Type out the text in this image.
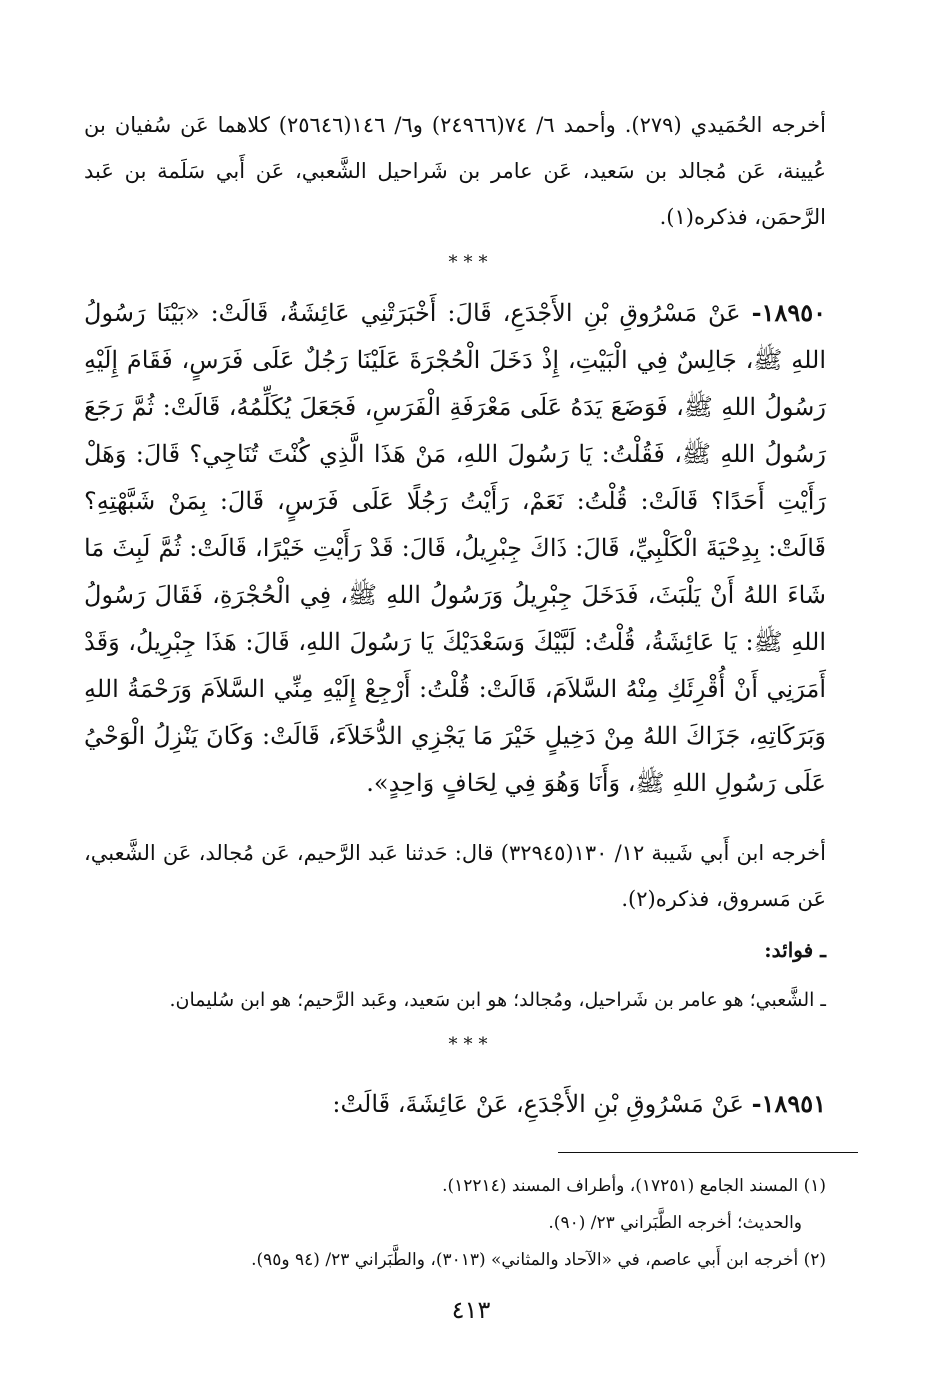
أخرجه الحُمَيدي (٢٧٩). وأحمد ٦/ ٧٤(٢٤٩٦٦) و٦/ ١٤٦(٢٥٦٤٦) كلاهما عَن سُفيان بن عُيينة، عَن مُجالد بن سَعيد، عَن عامر بن شَراحيل الشَّعبي، عَن أَبي سَلَمة بن عَبد الرَّحمَن، فذكره(١).

***

١٨٩٥٠- عَنْ مَسْرُوقِ بْنِ الأَجْدَعِ، قَالَ: أَخْبَرَتْنِي عَائِشَةُ، قَالَتْ: «بَيْنَا رَسُولُ اللهِ ﷺ، جَالِسٌ فِي الْبَيْتِ، إِذْ دَخَلَ الْحُجْرَةَ عَلَيْنَا رَجُلٌ عَلَى فَرَسٍ، فَقَامَ إِلَيْهِ رَسُولُ اللهِ ﷺ، فَوَضَعَ يَدَهُ عَلَى مَعْرَفَةِ الْفَرَسِ، فَجَعَلَ يُكَلِّمُهُ، قَالَتْ: ثُمَّ رَجَعَ رَسُولُ اللهِ ﷺ، فَقُلْتُ: يَا رَسُولَ اللهِ، مَنْ هَذَا الَّذِي كُنْتَ تُنَاجِي؟ قَالَ: وَهَلْ رَأَيْتِ أَحَدًا؟ قَالَتْ: قُلْتُ: نَعَمْ، رَأَيْتُ رَجُلًا عَلَى فَرَسٍ، قَالَ: بِمَنْ شَبَّهْتِهِ؟ قَالَتْ: بِدِحْيَةَ الْكَلْبِيِّ، قَالَ: ذَاكَ جِبْرِيلُ، قَالَ: قَدْ رَأَيْتِ خَيْرًا، قَالَتْ: ثُمَّ لَبِثَ مَا شَاءَ اللهُ أَنْ يَلْبَثَ، فَدَخَلَ جِبْرِيلُ وَرَسُولُ اللهِ ﷺ، فِي الْحُجْرَةِ، فَقَالَ رَسُولُ اللهِ ﷺ: يَا عَائِشَةُ، قُلْتُ: لَبَّيْكَ وَسَعْدَيْكَ يَا رَسُولَ اللهِ، قَالَ: هَذَا جِبْرِيلُ، وَقَدْ أَمَرَنِي أَنْ أُقْرِئَكِ مِنْهُ السَّلاَمَ، قَالَتْ: قُلْتُ: أَرْجِعْ إِلَيْهِ مِنِّي السَّلاَمَ وَرَحْمَةُ اللهِ وَبَرَكَاتِهِ، جَزَاكَ اللهُ مِنْ دَخِيلٍ خَيْرَ مَا يَجْزِي الدُّخَلاَءَ، قَالَتْ: وَكَانَ يَنْزِلُ الْوَحْيُ عَلَى رَسُولِ اللهِ ﷺ، وَأَنَا وَهُوَ فِي لِحَافٍ وَاحِدٍ».

أخرجه ابن أَبي شَيبة ١٢/ ١٣٠(٣٢٩٤٥) قال: حَدثنا عَبد الرَّحيم، عَن مُجالد، عَن الشَّعبي، عَن مَسروق، فذكره(٢).

ـ فوائد:
ـ الشَّعبي؛ هو عامر بن شَراحيل، ومُجالد؛ هو ابن سَعيد، وعَبد الرَّحيم؛ هو ابن سُليمان.
***

١٨٩٥١- عَنْ مَسْرُوقِ بْنِ الأَجْدَعِ، عَنْ عَائِشَةَ، قَالَتْ:

(١) المسند الجامع (١٧٢٥١)، وأطراف المسند (١٢٢١٤).
والحديث؛ أخرجه الطَّبَراني ٢٣/ (٩٠).
(٢) أخرجه ابن أَبي عاصم، في «الآحاد والمثاني» (٣٠١٣)، والطَّبَراني ٢٣/ (٩٤ و٩٥).
٤١٣
